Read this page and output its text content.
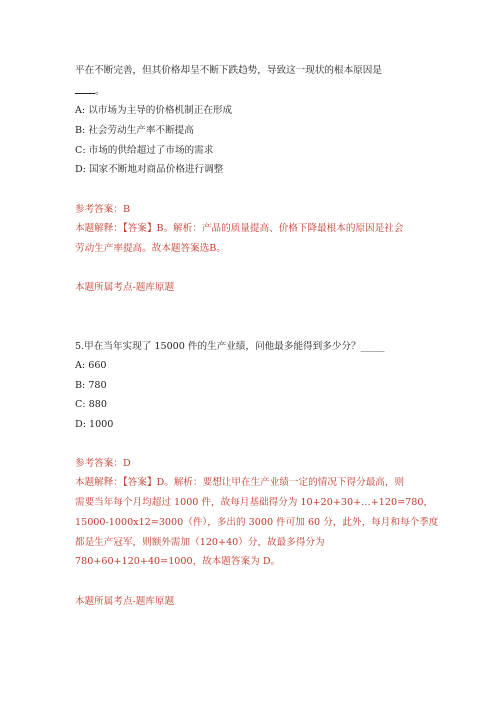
平在不断完善，但其价格却呈不断下跌趋势，导致这一现状的根本原因是
。
A: 以市场为主导的价格机制正在形成
B: 社会劳动生产率不断提高
C: 市场的供给超过了市场的需求
D: 国家不断地对商品价格进行调整
参考答案：B
本题解释：【答案】B。解析：产品的质量提高、价格下降最根本的原因是社会
劳动生产率提高。故本题答案选B。
本题所属考点-题库原题
5.甲在当年实现了 15000 件的生产业绩，问他最多能得到多少分？_____
A: 660
B: 780
C: 880
D: 1000
参考答案：D
本题解释：【答案】D。解析：要想让甲在生产业绩一定的情况下得分最高，则
需要当年每个月均超过 1000 件，故每月基础得分为 10+20+30+…+120=780，
15000-1000x12=3000（件），多出的 3000 件可加 60 分，此外，每月和每个季度
都是生产冠军，则额外需加（120+40）分，故最多得分为
780+60+120+40=1000，故本题答案为 D。
本题所属考点-题库原题
